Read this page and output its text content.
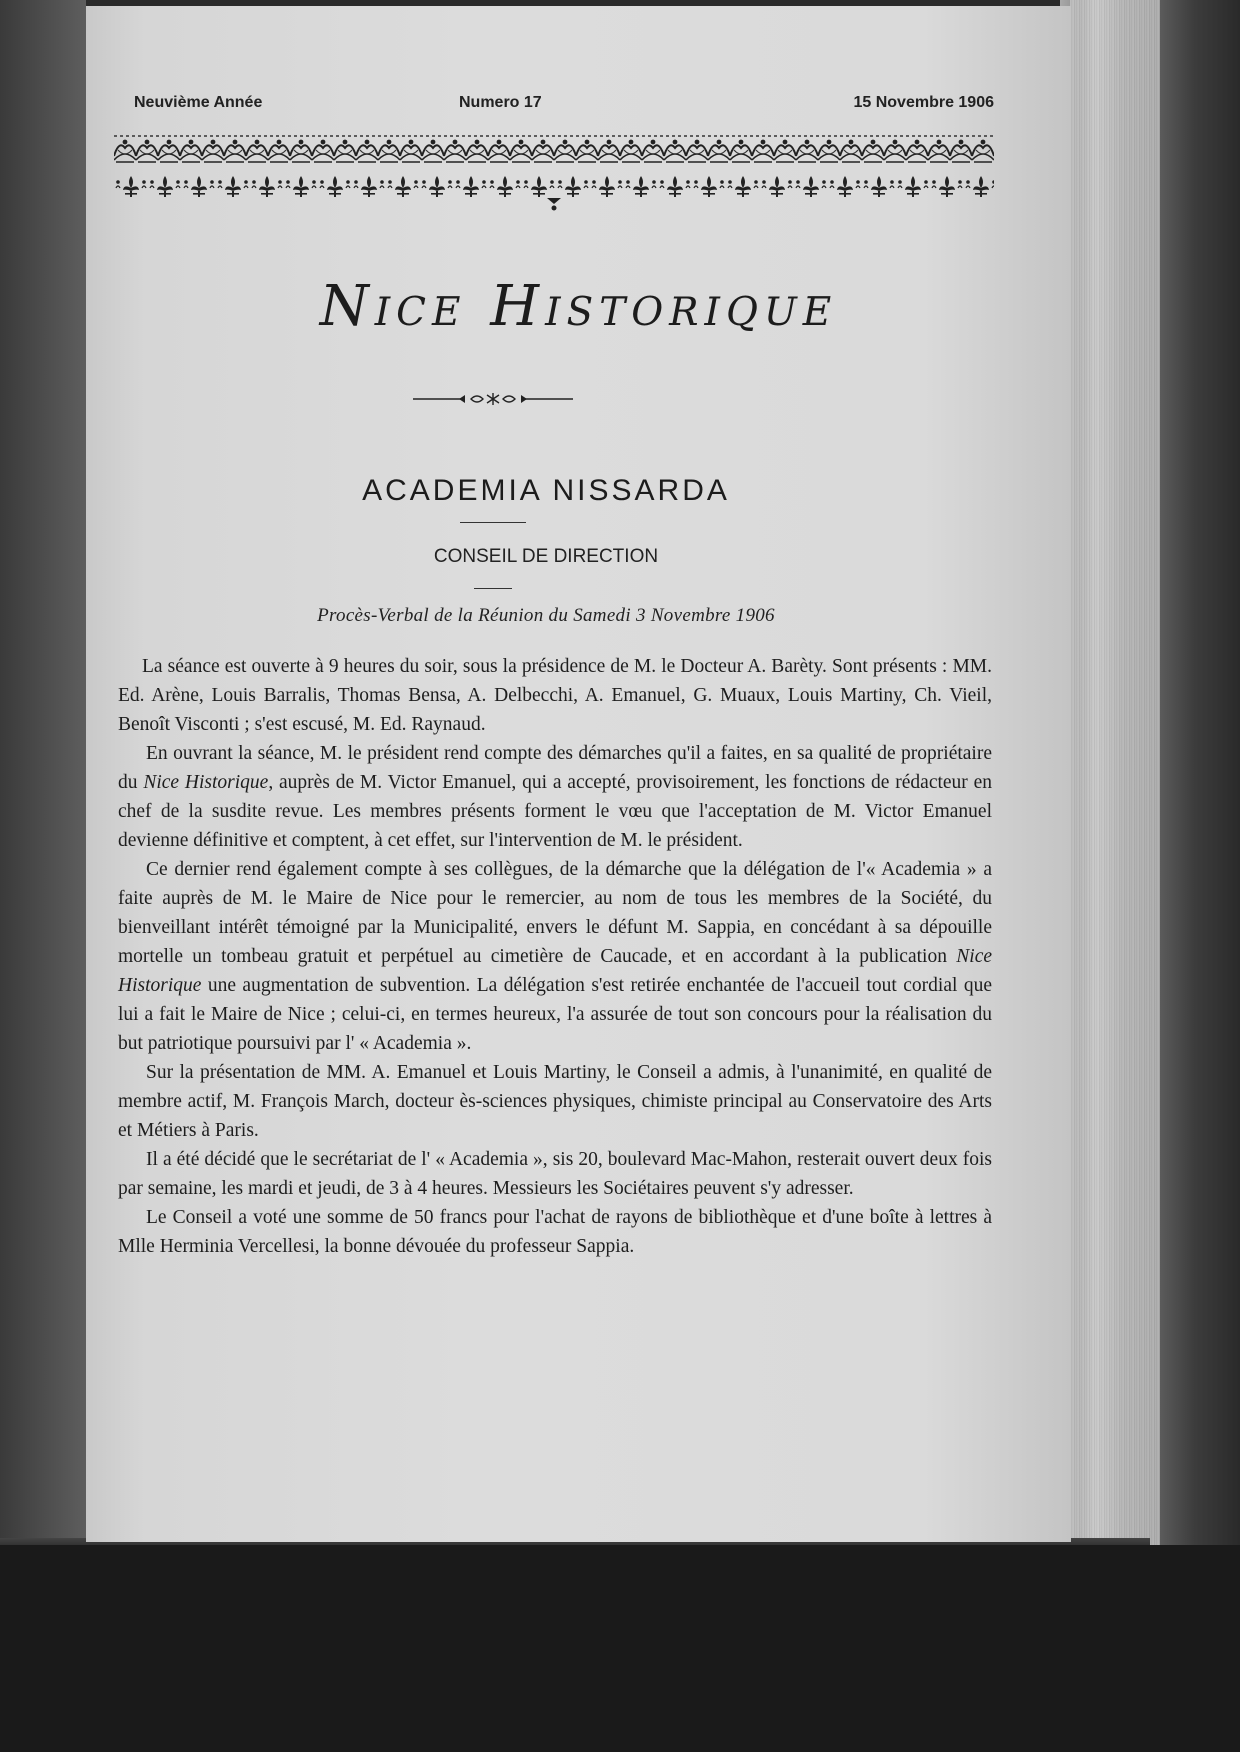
Neuvième Année	Numero 17	15 Novembre 1906
Nice Historique
ACADEMIA NISSARDA
CONSEIL DE DIRECTION
Procès-Verbal de la Réunion du Samedi 3 Novembre 1906

La séance est ouverte à 9 heures du soir, sous la présidence de M. le Docteur A. Barèty. Sont présents : MM. Ed. Arène, Louis Barralis, Thomas Bensa, A. Delbecchi, A. Emanuel, G. Muaux, Louis Martiny, Ch. Vieil, Benoît Visconti ; s'est escusé, M. Ed. Raynaud.

En ouvrant la séance, M. le président rend compte des démarches qu'il a faites, en sa qualité de propriétaire du Nice Historique, auprès de M. Victor Emanuel, qui a accepté, provisoirement, les fonctions de rédacteur en chef de la susdite revue. Les membres présents forment le vœu que l'acceptation de M. Victor Emanuel devienne définitive et comptent, à cet effet, sur l'intervention de M. le président.

Ce dernier rend également compte à ses collègues, de la démarche que la délégation de l'« Academia » a faite auprès de M. le Maire de Nice pour le remercier, au nom de tous les membres de la Société, du bienveillant intérêt témoigné par la Municipalité, envers le défunt M. Sappia, en concédant à sa dépouille mortelle un tombeau gratuit et perpétuel au cimetière de Caucade, et en accordant à la publication Nice Historique une augmentation de subvention. La délégation s'est retirée enchantée de l'accueil tout cordial que lui a fait le Maire de Nice ; celui-ci, en termes heureux, l'a assurée de tout son concours pour la réalisation du but patriotique poursuivi par l' « Academia ».

Sur la présentation de MM. A. Emanuel et Louis Martiny, le Conseil a admis, à l'unanimité, en qualité de membre actif, M. François March, docteur ès-sciences physiques, chimiste principal au Conservatoire des Arts et Métiers à Paris.

Il a été décidé que le secrétariat de l' « Academia », sis 20, boulevard Mac-Mahon, resterait ouvert deux fois par semaine, les mardi et jeudi, de 3 à 4 heures. Messieurs les Sociétaires peuvent s'y adresser.

Le Conseil a voté une somme de 50 francs pour l'achat de rayons de bibliothèque et d'une boîte à lettres à Mlle Herminia Vercellesi, la bonne dévouée du professeur Sappia.
